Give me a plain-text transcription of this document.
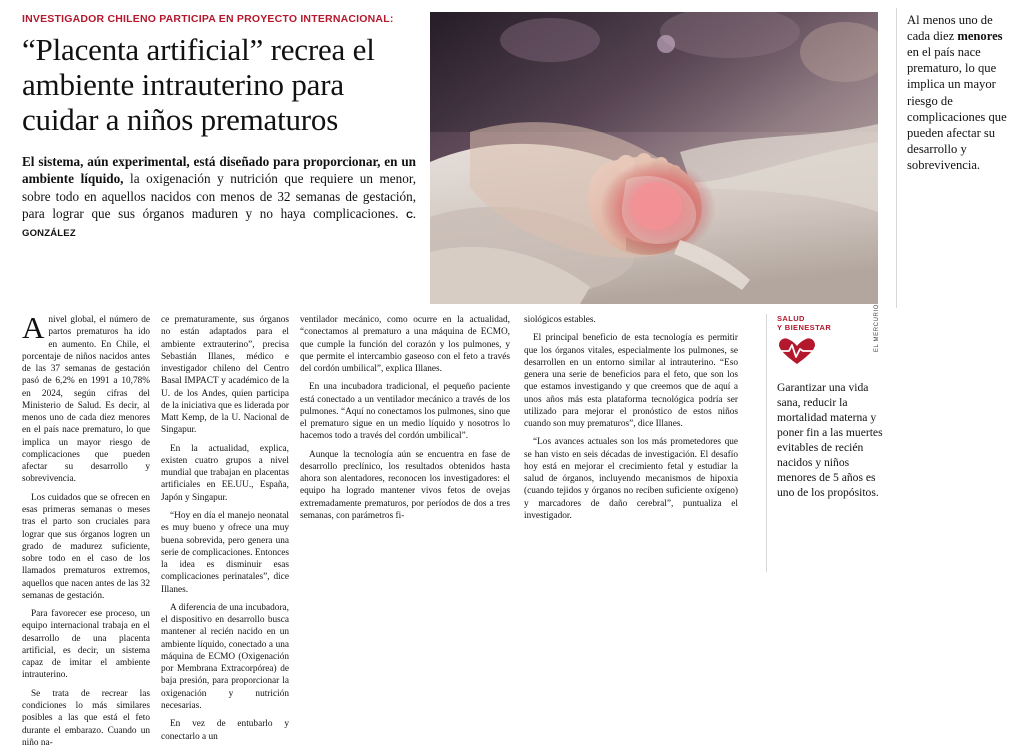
INVESTIGADOR CHILENO PARTICIPA EN PROYECTO INTERNACIONAL:
“Placenta artificial” recrea el ambiente intrauterino para cuidar a niños prematuros

El sistema, aún experimental, está diseñado para proporcionar, en un ambiente líquido, la oxigenación y nutrición que requiere un menor, sobre todo en aquellos nacidos con menos de 32 semanas de gestación, para lograr que sus órganos maduren y no haya complicaciones. C. GONZÁLEZ

EL MERCURIO

Al menos uno de cada diez menores en el país nace prematuro, lo que implica un mayor riesgo de complicaciones que pueden afectar su desarrollo y sobrevivencia.

Anivel global, el número de partos prematuros ha ido en aumento. En Chile, el porcentaje de niños nacidos antes de las 37 semanas de gestación pasó de 6,2% en 1991 a 10,78% en 2024, según cifras del Ministerio de Salud. Es decir, al menos uno de cada diez menores en el país nace prematuro, lo que implica un mayor riesgo de complicaciones que pueden afectar su desarrollo y sobrevivencia.

Los cuidados que se ofrecen en esas primeras semanas o meses tras el parto son cruciales para lograr que sus órganos logren un grado de madurez suficiente, sobre todo en el caso de los llamados prematuros extremos, aquellos que nacen antes de las 32 semanas de gestación.

Para favorecer ese proceso, un equipo internacional trabaja en el desarrollo de una placenta artificial, es decir, un sistema capaz de imitar el ambiente intrauterino.

Se trata de recrear las condiciones lo más similares posibles a las que está el feto durante el embarazo. Cuando un niño na-

ce prematuramente, sus órganos no están adaptados para el ambiente extrauterino”, precisa Sebastián Illanes, médico e investigador chileno del Centro Basal IMPACT y académico de la U. de los Andes, quien participa de la iniciativa que es liderada por Matt Kemp, de la U. Nacional de Singapur.

En la actualidad, explica, existen cuatro grupos a nivel mundial que trabajan en placentas artificiales en EE.UU., España, Japón y Singapur.

“Hoy en día el manejo neonatal es muy bueno y ofrece una muy buena sobrevida, pero genera una serie de complicaciones. Entonces la idea es disminuir esas complicaciones perinatales”, dice Illanes.

A diferencia de una incubadora, el dispositivo en desarrollo busca mantener al recién nacido en un ambiente líquido, conectado a una máquina de ECMO (Oxigenación por Membrana Extracorpórea) de baja presión, para proporcionar la oxigenación y nutrición necesarias.

En vez de entubarlo y conectarlo a un

ventilador mecánico, como ocurre en la actualidad, “conectamos al prematuro a una máquina de ECMO, que cumple la función del corazón y los pulmones, y que permite el intercambio gaseoso con el feto a través del cordón umbilical”, explica Illanes.

En una incubadora tradicional, el pequeño paciente está conectado a un ventilador mecánico a través de los pulmones. “Aquí no conectamos los pulmones, sino que el prematuro sigue en un medio líquido y nosotros lo hacemos todo a través del cordón umbilical”.

Aunque la tecnología aún se encuentra en fase de desarrollo preclínico, los resultados obtenidos hasta ahora son alentadores, reconocen los investigadores: el equipo ha logrado mantener vivos fetos de ovejas extremadamente prematuros, por períodos de dos a tres semanas, con parámetros fi-

siológicos estables.

El principal beneficio de esta tecnología es permitir que los órganos vitales, especialmente los pulmones, se desarrollen en un entorno similar al intrauterino. “Eso genera una serie de beneficios para el feto, que son los que estamos investigando y que creemos que de aquí a unos años más esta plataforma tecnológica podría ser utilizado para mejorar el pronóstico de estos niños cuando son muy prematuros”, dice Illanes.

“Los avances actuales son los más prometedores que se han visto en seis décadas de investigación. El desafío hoy está en mejorar el crecimiento fetal y estudiar la salud de órganos, incluyendo mecanismos de hipoxia (cuando tejidos y órganos no reciben suficiente oxígeno) y marcadores de daño cerebral”, puntualiza el investigador.

SALUD
Y BIENESTAR

Garantizar una vida sana, reducir la mortalidad materna y poner fin a las muertes evitables de recién nacidos y niños menores de 5 años es uno de los propósitos.
